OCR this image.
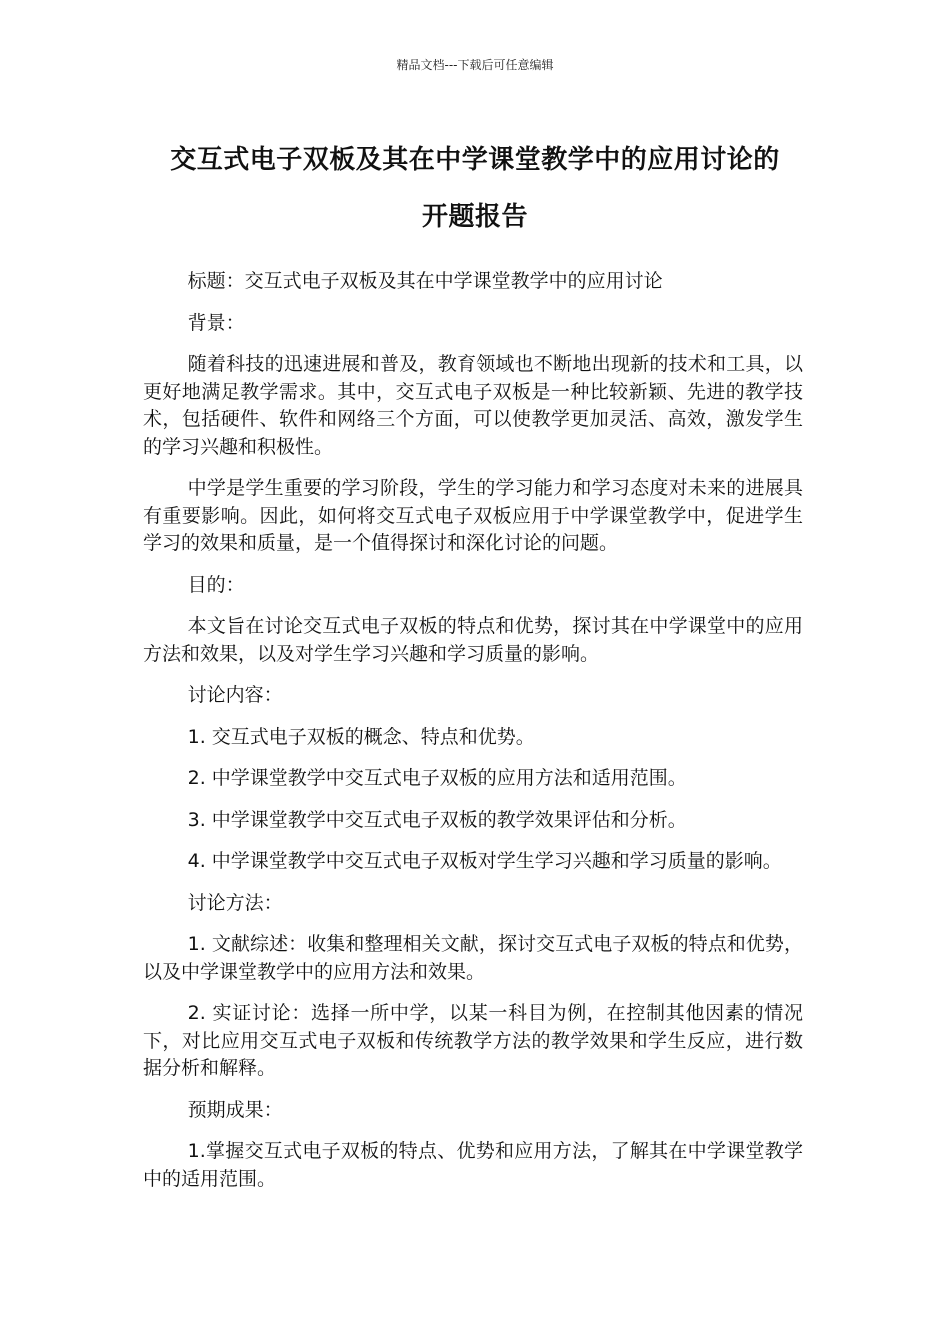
精品文档---下载后可任意编辑
交互式电子双板及其在中学课堂教学中的应用讨论的
开题报告

标题：交互式电子双板及其在中学课堂教学中的应用讨论

背景：

随着科技的迅速进展和普及，教育领域也不断地出现新的技术和工具，以更好地满足教学需求。其中，交互式电子双板是一种比较新颖、先进的教学技术，包括硬件、软件和网络三个方面，可以使教学更加灵活、高效，激发学生的学习兴趣和积极性。

中学是学生重要的学习阶段，学生的学习能力和学习态度对未来的进展具有重要影响。因此，如何将交互式电子双板应用于中学课堂教学中，促进学生学习的效果和质量，是一个值得探讨和深化讨论的问题。

目的：

本文旨在讨论交互式电子双板的特点和优势，探讨其在中学课堂中的应用方法和效果，以及对学生学习兴趣和学习质量的影响。

讨论内容：

1. 交互式电子双板的概念、特点和优势。

2. 中学课堂教学中交互式电子双板的应用方法和适用范围。

3. 中学课堂教学中交互式电子双板的教学效果评估和分析。

4. 中学课堂教学中交互式电子双板对学生学习兴趣和学习质量的影响。

讨论方法：

1. 文献综述：收集和整理相关文献，探讨交互式电子双板的特点和优势，以及中学课堂教学中的应用方法和效果。

2. 实证讨论：选择一所中学，以某一科目为例，在控制其他因素的情况下，对比应用交互式电子双板和传统教学方法的教学效果和学生反应，进行数据分析和解释。

预期成果：

1.掌握交互式电子双板的特点、优势和应用方法，了解其在中学课堂教学中的适用范围。
